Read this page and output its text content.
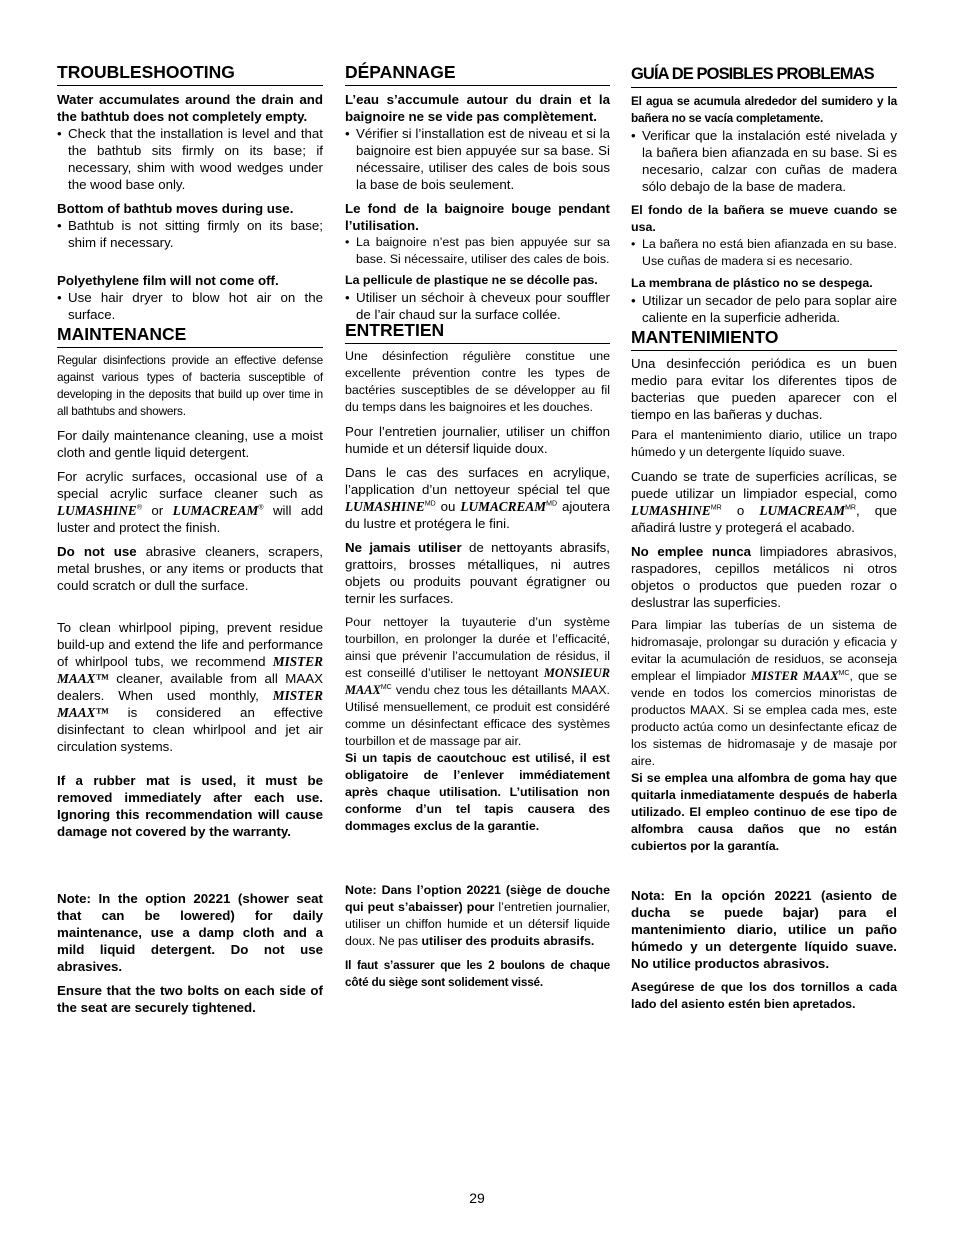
TROUBLESHOOTING

Water accumulates around the drain and the bathtub does not completely empty.

• Check that the installation is level and that the bathtub sits firmly on its base; if necessary, shim with wood wedges under the wood base only.

Bottom of bathtub moves during use.

• Bathtub is not sitting firmly on its base; shim if necessary.

Polyethylene film will not come off.

• Use hair dryer to blow hot air on the surface.
MAINTENANCE

Regular disinfections provide an effective defense against various types of bacteria susceptible of developing in the deposits that build up over time in all bathtubs and showers.

For daily maintenance cleaning, use a moist cloth and gentle liquid detergent.

For acrylic surfaces, occasional use of a special acrylic surface cleaner such as LUMASHINE® or LUMACREAM® will add luster and protect the finish.

Do not use abrasive cleaners, scrapers, metal brushes, or any items or products that could scratch or dull the surface.

To clean whirlpool piping, prevent residue build-up and extend the life and performance of whirlpool tubs, we recommend MISTER MAAX™ cleaner, available from all MAAX dealers. When used monthly, MISTER MAAX™ is considered an effective disinfectant to clean whirlpool and jet air circulation systems.

If a rubber mat is used, it must be removed immediately after each use. Ignoring this recommendation will cause damage not covered by the warranty.

Note: In the option 20221 (shower seat that can be lowered) for daily maintenance, use a damp cloth and a mild liquid detergent. Do not use abrasives.

Ensure that the two bolts on each side of the seat are securely tightened.

DÉPANNAGE

L’eau s’accumule autour du drain et la baignoire ne se vide pas complètement.

• Vérifier si l’installation est de niveau et si la baignoire est bien appuyée sur sa base. Si nécessaire, utiliser des cales de bois sous la base de bois seulement.

Le fond de la baignoire bouge pendant l’utilisation.

• La baignoire n’est pas bien appuyée sur sa base. Si nécessaire, utiliser des cales de bois.

La pellicule de plastique ne se décolle pas.

• Utiliser un séchoir à cheveux pour souffler de l’air chaud sur la surface collée.
ENTRETIEN

Une désinfection régulière constitue une excellente prévention contre les types de bactéries susceptibles de se développer au fil du temps dans les baignoires et les douches.

Pour l’entretien journalier, utiliser un chiffon humide et un détersif liquide doux.

Dans le cas des surfaces en acrylique, l’application d’un nettoyeur spécial tel que $LUMASHINE^{MD}$ ou $LUMACREAM^{MD}$ ajoutera du lustre et protégera le fini.

Ne jamais utiliser de nettoyants abrasifs, grattoirs, brosses métalliques, ni autres objets ou produits pouvant égratigner ou ternir les surfaces.

Pour nettoyer la tuyauterie d’un système tourbillon, en prolonger la durée et l’efficacité, ainsi que prévenir l’accumulation de résidus, il est conseillé d’utiliser le nettoyant MONSIEUR $MAAX^{MC}$ vendu chez tous les détaillants MAAX. Utilisé mensuellement, ce produit est considéré comme un désinfectant efficace des systèmes tourbillon et de massage par air.

Si un tapis de caoutchouc est utilisé, il est obligatoire de l’enlever immédiatement après chaque utilisation. L’utilisation non conforme d’un tel tapis causera des dommages exclus de la garantie.

Note: Dans l’option 20221 (siège de douche qui peut s’abaisser) pour l’entretien journalier, utiliser un chiffon humide et un détersif liquide doux. Ne pas utiliser des produits abrasifs.

Il faut s’assurer que les 2 boulons de chaque côté du siège sont solidement vissé.

GUÍA DE POSIBLES PROBLEMAS

El agua se acumula alrededor del sumidero y la bañera no se vacía completamente.

• Verificar que la instalación esté nivelada y la bañera bien afianzada en su base. Si es necesario, calzar con cuñas de madera sólo debajo de la base de madera.

El fondo de la bañera se mueve cuando se usa.

• La bañera no está bien afianzada en su base. Use cuñas de madera si es necesario.

La membrana de plástico no se despega.

• Utilizar un secador de pelo para soplar aire caliente en la superficie adherida.
MANTENIMIENTO

Una desinfección periódica es un buen medio para evitar los diferentes tipos de bacterias que pueden aparecer con el tiempo en las bañeras y duchas.

Para el mantenimiento diario, utilice un trapo húmedo y un detergente líquido suave.

Cuando se trate de superficies acrílicas, se puede utilizar un limpiador especial, como $LUMASHINE^{MR}$ o $LUMACREAM^{MR}$, que añadirá lustre y protegerá el acabado.

No emplee nunca limpiadores abrasivos, raspadores, cepillos metálicos ni otros objetos o productos que pueden rozar o deslustrar las superficies.

Para limpiar las tuberías de un sistema de hidromasaje, prolongar su duración y eficacia y evitar la acumulación de residuos, se aconseja emplear el limpiador MISTER $MAAX^{MC}$, que se vende en todos los comercios minoristas de productos MAAX. Si se emplea cada mes, este producto actúa como un desinfectante eficaz de los sistemas de hidromasaje y de masaje por aire.

Si se emplea una alfombra de goma hay que quitarla inmediatamente después de haberla utilizado. El empleo continuo de ese tipo de alfombra causa daños que no están cubiertos por la garantía.

Nota: En la opción 20221 (asiento de ducha se puede bajar) para el mantenimiento diario, utilice un paño húmedo y un detergente líquido suave. No utilice productos abrasivos.

Asegúrese de que los dos tornillos a cada lado del asiento estén bien apretados.

29
